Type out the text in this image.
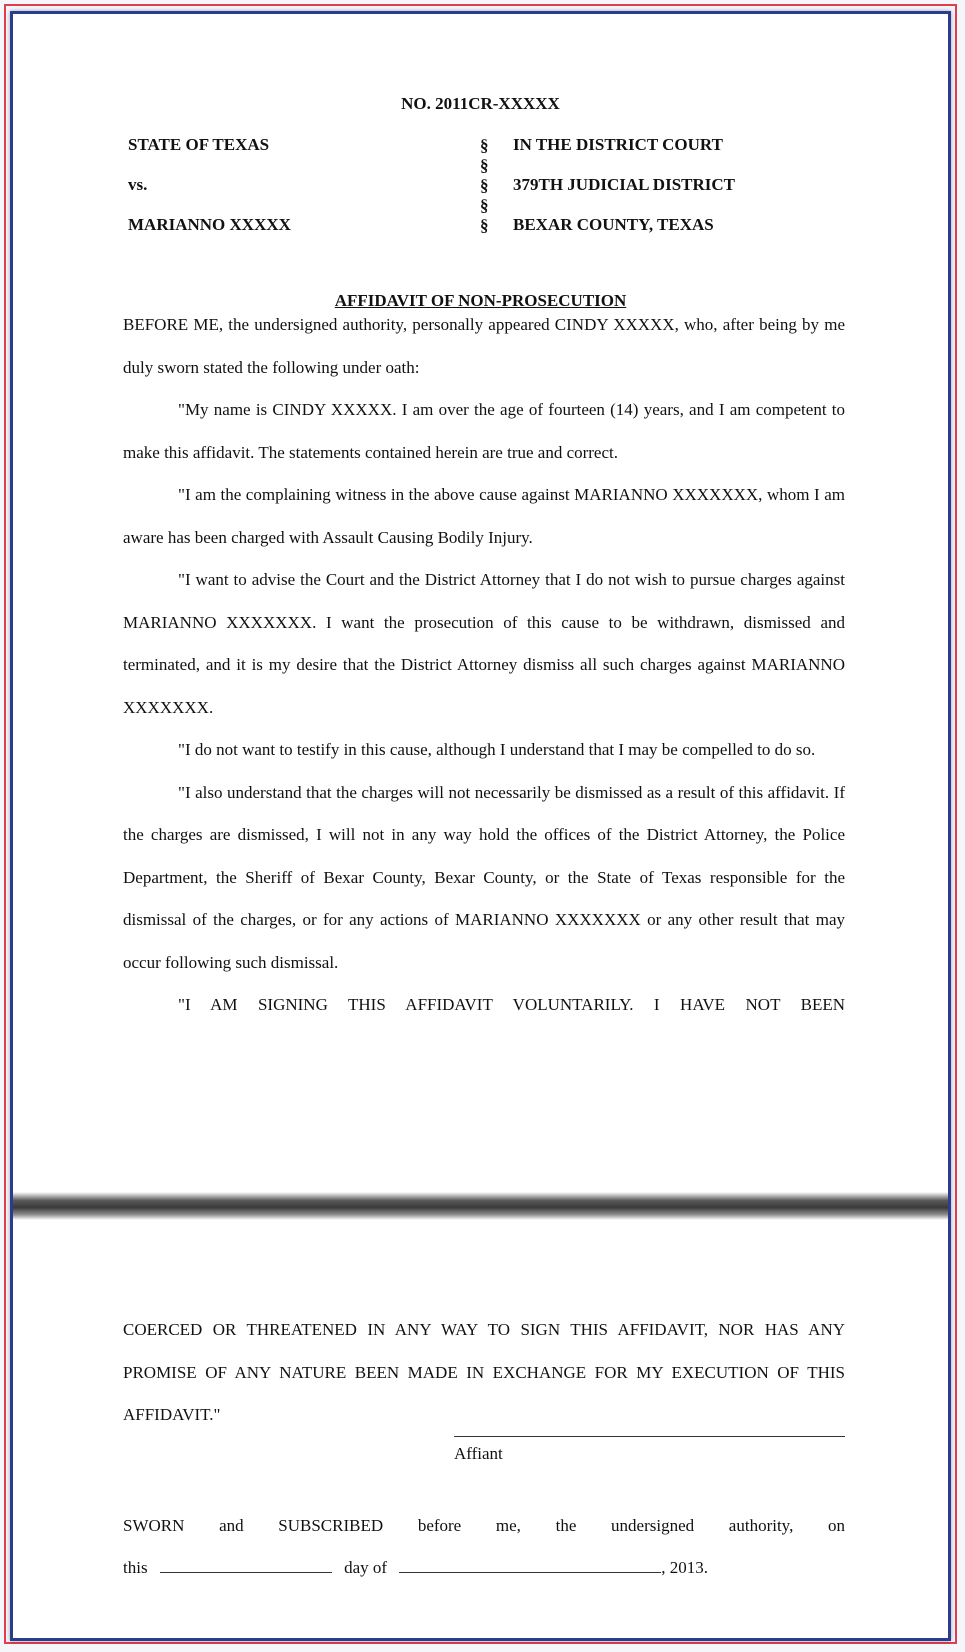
NO. 2011CR-XXXXX
STATE OF TEXAS
vs.
MARIANNO XXXXX
§
§
§
§
§
IN THE DISTRICT COURT
379TH JUDICIAL DISTRICT
BEXAR COUNTY, TEXAS
AFFIDAVIT OF NON-PROSECUTION

BEFORE ME, the undersigned authority, personally appeared CINDY XXXXX, who, after being by me duly sworn stated the following under oath:

"My name is CINDY XXXXX. I am over the age of fourteen (14) years, and I am competent to make this affidavit. The statements contained herein are true and correct.

"I am the complaining witness in the above cause against MARIANNO XXXXXXX, whom I am aware has been charged with Assault Causing Bodily Injury.

"I want to advise the Court and the District Attorney that I do not wish to pursue charges against MARIANNO XXXXXXX. I want the prosecution of this cause to be withdrawn, dismissed and terminated, and it is my desire that the District Attorney dismiss all such charges against MARIANNO XXXXXXX.

"I do not want to testify in this cause, although I understand that I may be compelled to do so.

"I also understand that the charges will not necessarily be dismissed as a result of this affidavit. If the charges are dismissed, I will not in any way hold the offices of the District Attorney, the Police Department, the Sheriff of Bexar County, Bexar County, or the State of Texas responsible for the dismissal of the charges, or for any actions of MARIANNO XXXXXXX or any other result that may occur following such dismissal.

"I AM SIGNING THIS AFFIDAVIT VOLUNTARILY. I HAVE NOT BEEN

COERCED OR THREATENED IN ANY WAY TO SIGN THIS AFFIDAVIT, NOR HAS ANY PROMISE OF ANY NATURE BEEN MADE IN EXCHANGE FOR MY EXECUTION OF THIS AFFIDAVIT."

Affiant
SWORN and SUBSCRIBED before me, the undersigned authority, on
this	day of	, 2013.
